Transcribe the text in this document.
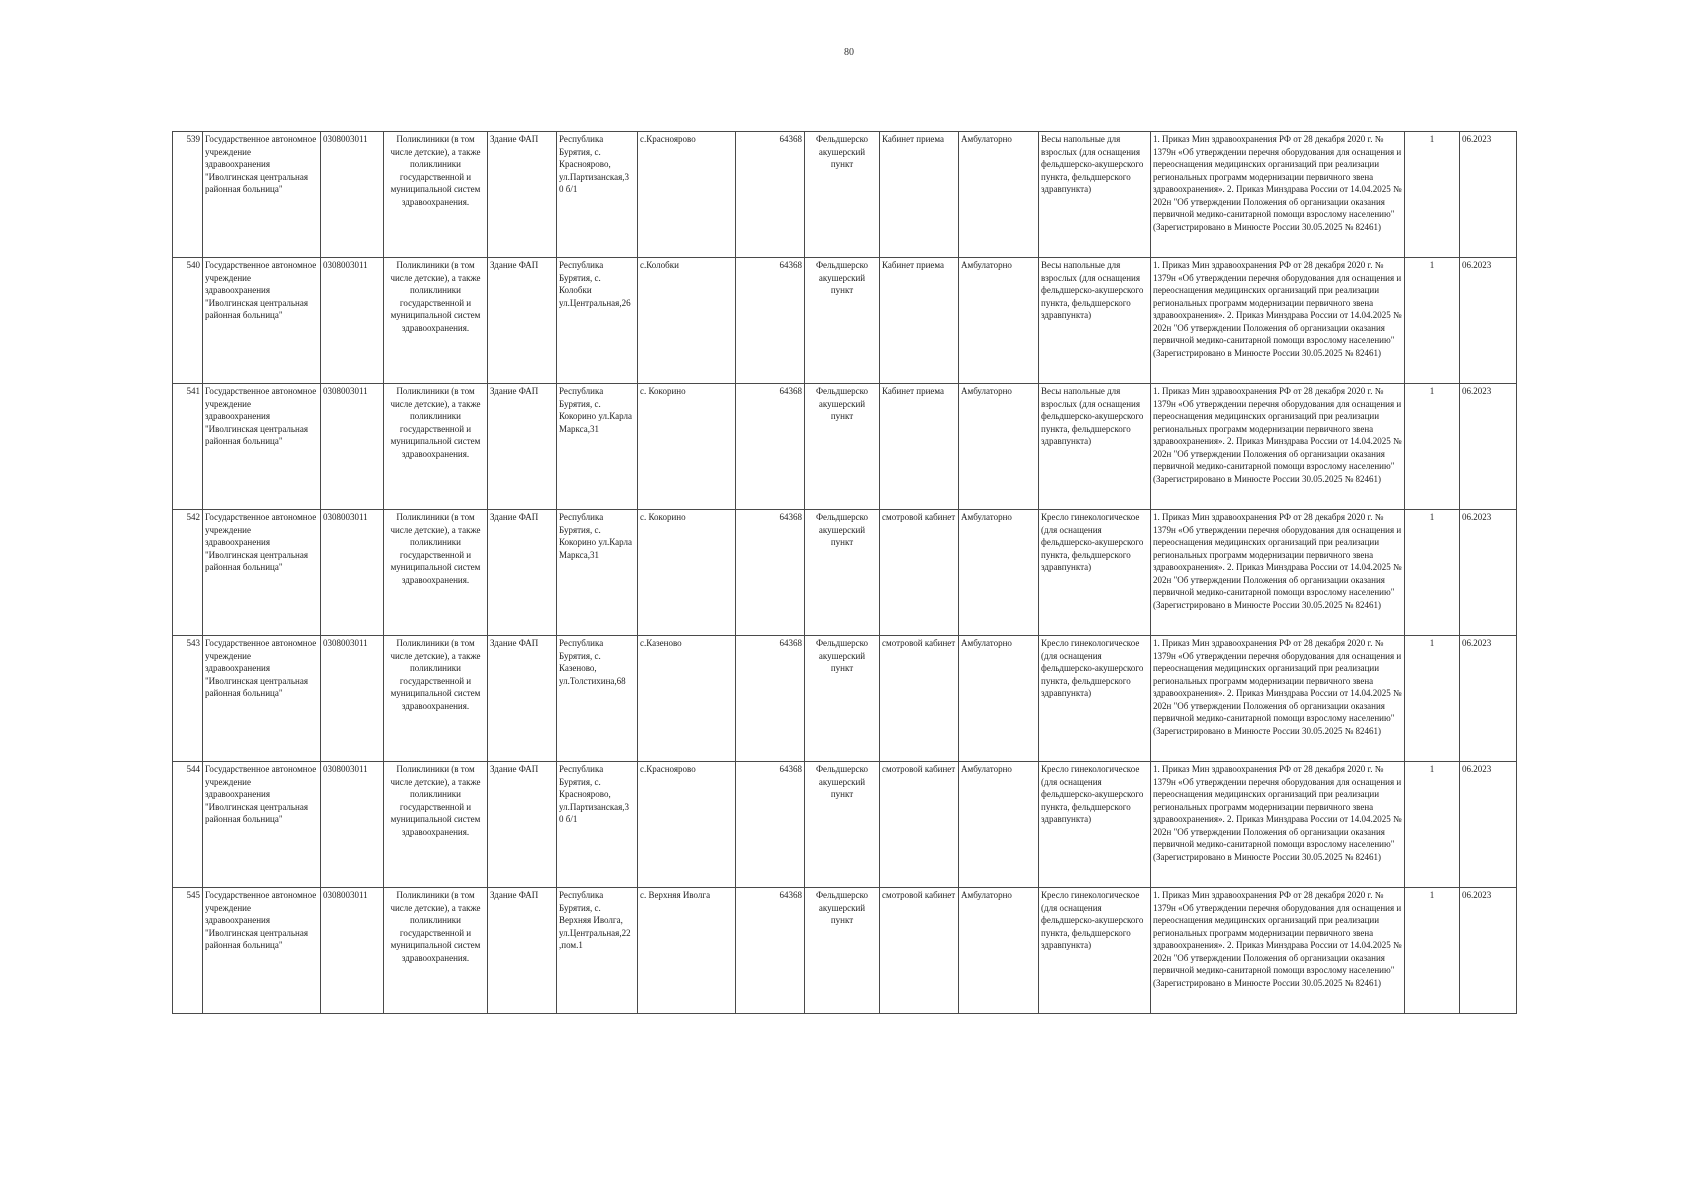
80
539	Государственное автономное учреждение здравоохранения "Иволгинская центральная районная больница"	0308003011	Поликлиники (в том числе детские), а также поликлиники государственной и муниципальной систем здравоохранения.	Здание ФАП	Республика Бурятия, с. Красноярово, ул.Партизанская,3 0 б/1	с.Красноярово	64368	Фельдшерско акушерский пункт	Кабинет приема	Амбулаторно	Весы напольные для взрослых (для оснащения фельдшерско-акушерского пункта, фельдшерского здравпункта)	1. Приказ Мин здравоохранения РФ от 28 декабря 2020 г. № 1379н «Об утверждении перечня оборудования для оснащения и переоснащения медицинских организаций при реализации региональных программ модернизации первичного звена здравоохранения». 2. Приказ Минздрава России от 14.04.2025 № 202н "Об утверждении Положения об организации оказания первичной медико-санитарной помощи взрослому населению" (Зарегистрировано в Минюсте России 30.05.2025 № 82461)	1	06.2023
540	Государственное автономное учреждение здравоохранения "Иволгинская центральная районная больница"	0308003011	Поликлиники (в том числе детские), а также поликлиники государственной и муниципальной систем здравоохранения.	Здание ФАП	Республика Бурятия, с. Колобки ул.Центральная,26	с.Колобки	64368	Фельдшерско акушерский пункт	Кабинет приема	Амбулаторно	Весы напольные для взрослых (для оснащения фельдшерско-акушерского пункта, фельдшерского здравпункта)	1. Приказ Мин здравоохранения РФ от 28 декабря 2020 г. № 1379н «Об утверждении перечня оборудования для оснащения и переоснащения медицинских организаций при реализации региональных программ модернизации первичного звена здравоохранения». 2. Приказ Минздрава России от 14.04.2025 № 202н "Об утверждении Положения об организации оказания первичной медико-санитарной помощи взрослому населению" (Зарегистрировано в Минюсте России 30.05.2025 № 82461)	1	06.2023
541	Государственное автономное учреждение здравоохранения "Иволгинская центральная районная больница"	0308003011	Поликлиники (в том числе детские), а также поликлиники государственной и муниципальной систем здравоохранения.	Здание ФАП	Республика Бурятия, с. Кокорино ул.Карла Маркса,31	с. Кокорино	64368	Фельдшерско акушерский пункт	Кабинет приема	Амбулаторно	Весы напольные для взрослых (для оснащения фельдшерско-акушерского пункта, фельдшерского здравпункта)	1. Приказ Мин здравоохранения РФ от 28 декабря 2020 г. № 1379н «Об утверждении перечня оборудования для оснащения и переоснащения медицинских организаций при реализации региональных программ модернизации первичного звена здравоохранения». 2. Приказ Минздрава России от 14.04.2025 № 202н "Об утверждении Положения об организации оказания первичной медико-санитарной помощи взрослому населению" (Зарегистрировано в Минюсте России 30.05.2025 № 82461)	1	06.2023
542	Государственное автономное учреждение здравоохранения "Иволгинская центральная районная больница"	0308003011	Поликлиники (в том числе детские), а также поликлиники государственной и муниципальной систем здравоохранения.	Здание ФАП	Республика Бурятия, с. Кокорино ул.Карла Маркса,31	с. Кокорино	64368	Фельдшерско акушерский пункт	смотровой кабинет	Амбулаторно	Кресло гинекологическое (для оснащения фельдшерско-акушерского пункта, фельдшерского здравпункта)	1. Приказ Мин здравоохранения РФ от 28 декабря 2020 г. № 1379н «Об утверждении перечня оборудования для оснащения и переоснащения медицинских организаций при реализации региональных программ модернизации первичного звена здравоохранения». 2. Приказ Минздрава России от 14.04.2025 № 202н "Об утверждении Положения об организации оказания первичной медико-санитарной помощи взрослому населению" (Зарегистрировано в Минюсте России 30.05.2025 № 82461)	1	06.2023
543	Государственное автономное учреждение здравоохранения "Иволгинская центральная районная больница"	0308003011	Поликлиники (в том числе детские), а также поликлиники государственной и муниципальной систем здравоохранения.	Здание ФАП	Республика Бурятия, с. Казеново, ул.Толстихина,68	с.Казеново	64368	Фельдшерско акушерский пункт	смотровой кабинет	Амбулаторно	Кресло гинекологическое (для оснащения фельдшерско-акушерского пункта, фельдшерского здравпункта)	1. Приказ Мин здравоохранения РФ от 28 декабря 2020 г. № 1379н «Об утверждении перечня оборудования для оснащения и переоснащения медицинских организаций при реализации региональных программ модернизации первичного звена здравоохранения». 2. Приказ Минздрава России от 14.04.2025 № 202н "Об утверждении Положения об организации оказания первичной медико-санитарной помощи взрослому населению" (Зарегистрировано в Минюсте России 30.05.2025 № 82461)	1	06.2023
544	Государственное автономное учреждение здравоохранения "Иволгинская центральная районная больница"	0308003011	Поликлиники (в том числе детские), а также поликлиники государственной и муниципальной систем здравоохранения.	Здание ФАП	Республика Бурятия, с. Красноярово, ул.Партизанская,3 0 б/1	с.Красноярово	64368	Фельдшерско акушерский пункт	смотровой кабинет	Амбулаторно	Кресло гинекологическое (для оснащения фельдшерско-акушерского пункта, фельдшерского здравпункта)	1. Приказ Мин здравоохранения РФ от 28 декабря 2020 г. № 1379н «Об утверждении перечня оборудования для оснащения и переоснащения медицинских организаций при реализации региональных программ модернизации первичного звена здравоохранения». 2. Приказ Минздрава России от 14.04.2025 № 202н "Об утверждении Положения об организации оказания первичной медико-санитарной помощи взрослому населению" (Зарегистрировано в Минюсте России 30.05.2025 № 82461)	1	06.2023
545	Государственное автономное учреждение здравоохранения "Иволгинская центральная районная больница"	0308003011	Поликлиники (в том числе детские), а также поликлиники государственной и муниципальной систем здравоохранения.	Здание ФАП	Республика Бурятия, с. Верхняя Иволга, ул.Центральная,22 ,пом.1	с. Верхняя Иволга	64368	Фельдшерско акушерский пункт	смотровой кабинет	Амбулаторно	Кресло гинекологическое (для оснащения фельдшерско-акушерского пункта, фельдшерского здравпункта)	1. Приказ Мин здравоохранения РФ от 28 декабря 2020 г. № 1379н «Об утверждении перечня оборудования для оснащения и переоснащения медицинских организаций при реализации региональных программ модернизации первичного звена здравоохранения». 2. Приказ Минздрава России от 14.04.2025 № 202н "Об утверждении Положения об организации оказания первичной медико-санитарной помощи взрослому населению" (Зарегистрировано в Минюсте России 30.05.2025 № 82461)	1	06.2023
